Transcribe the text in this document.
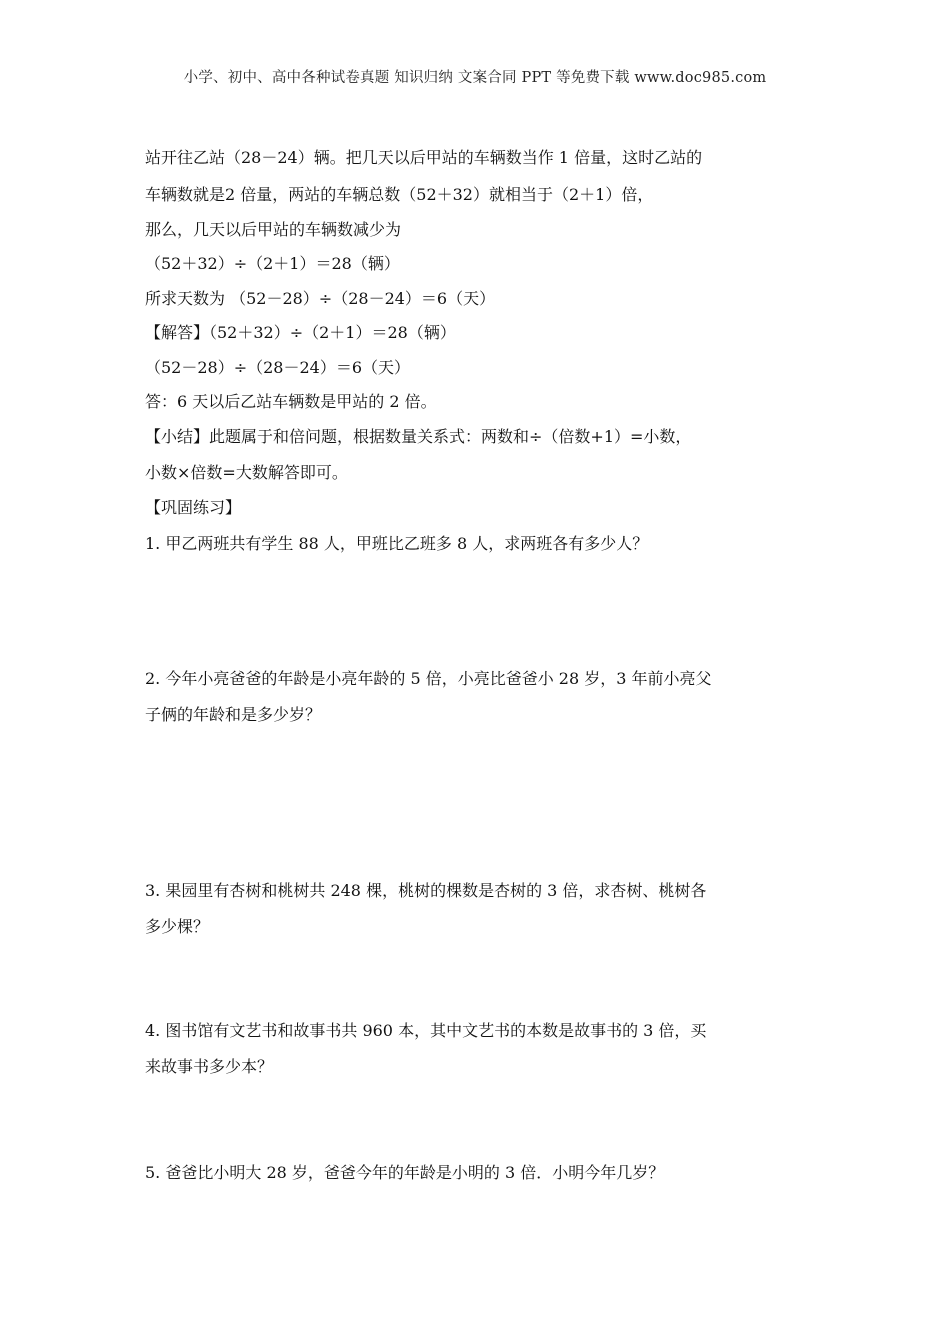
小学、初中、高中各种试卷真题 知识归纳 文案合同 PPT 等免费下载 www.doc985.com
站开往乙站（28－24）辆。把几天以后甲站的车辆数当作 1 倍量，这时乙站的
车辆数就是2 倍量，两站的车辆总数（52＋32）就相当于（2＋1）倍，
那么，几天以后甲站的车辆数减少为
（52＋32）÷（2＋1）＝28（辆）
所求天数为 （52－28）÷（28－24）＝6（天）
【解答】（52＋32）÷（2＋1）＝28（辆）
（52－28）÷（28－24）＝6（天）
答：6 天以后乙站车辆数是甲站的 2 倍。
【小结】此题属于和倍问题，根据数量关系式：两数和÷（倍数+1）=小数，
小数×倍数=大数解答即可。
【巩固练习】
1. 甲乙两班共有学生 88 人，甲班比乙班多 8 人，求两班各有多少人？
2. 今年小亮爸爸的年龄是小亮年龄的 5 倍，小亮比爸爸小 28 岁，3 年前小亮父
子俩的年龄和是多少岁？
3. 果园里有杏树和桃树共 248 棵，桃树的棵数是杏树的 3 倍，求杏树、桃树各
多少棵？
4. 图书馆有文艺书和故事书共 960 本，其中文艺书的本数是故事书的 3 倍，买
来故事书多少本？
5. 爸爸比小明大 28 岁，爸爸今年的年龄是小明的 3 倍．小明今年几岁？
